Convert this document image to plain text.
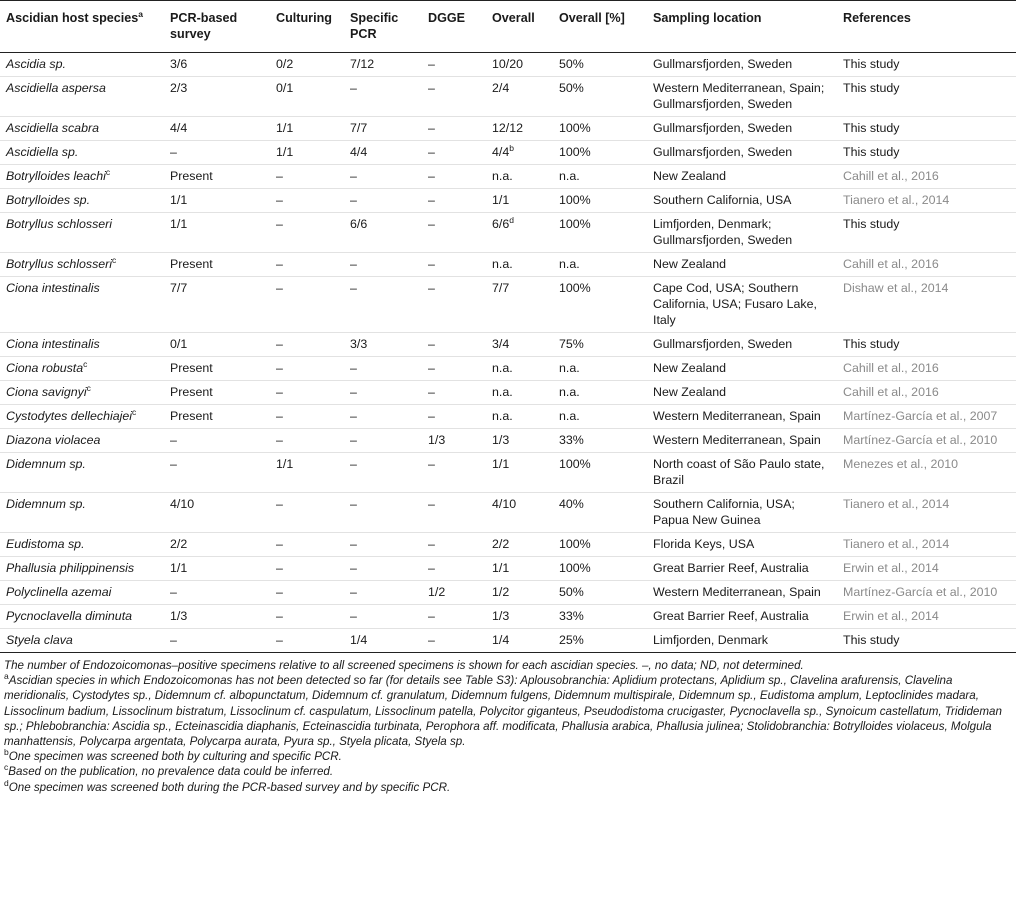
Ascidian host species$^a$	PCR-based survey	Culturing	Specific PCR	DGGE	Overall	Overall [%]	Sampling location	References
Ascidia sp.	3/6	0/2	7/12	–	10/20	50%	Gullmarsfjorden, Sweden	This study
Ascidiella aspersa	2/3	0/1	–	–	2/4	50%	Western Mediterranean, Spain; Gullmarsfjorden, Sweden	This study
Ascidiella scabra	4/4	1/1	7/7	–	12/12	100%	Gullmarsfjorden, Sweden	This study
Ascidiella sp.	–	1/1	4/4	–	4/4$^b$	100%	Gullmarsfjorden, Sweden	This study
Botrylloides leachi$^c$	Present	–	–	–	n.a.	n.a.	New Zealand	Cahill et al., 2016
Botrylloides sp.	1/1	–	–	–	1/1	100%	Southern California, USA	Tianero et al., 2014
Botryllus schlosseri	1/1	–	6/6	–	6/6$^d$	100%	Limfjorden, Denmark; Gullmarsfjorden, Sweden	This study
Botryllus schlosseri$^c$	Present	–	–	–	n.a.	n.a.	New Zealand	Cahill et al., 2016
Ciona intestinalis	7/7	–	–	–	7/7	100%	Cape Cod, USA; Southern California, USA; Fusaro Lake, Italy	Dishaw et al., 2014
Ciona intestinalis	0/1	–	3/3	–	3/4	75%	Gullmarsfjorden, Sweden	This study
Ciona robusta$^c$	Present	–	–	–	n.a.	n.a.	New Zealand	Cahill et al., 2016
Ciona savignyi$^c$	Present	–	–	–	n.a.	n.a.	New Zealand	Cahill et al., 2016
Cystodytes dellechiajei$^c$	Present	–	–	–	n.a.	n.a.	Western Mediterranean, Spain	Martínez-García et al., 2007
Diazona violacea	–	–	–	1/3	1/3	33%	Western Mediterranean, Spain	Martínez-García et al., 2010
Didemnum sp.	–	1/1	–	–	1/1	100%	North coast of São Paulo state, Brazil	Menezes et al., 2010
Didemnum sp.	4/10	–	–	–	4/10	40%	Southern California, USA; Papua New Guinea	Tianero et al., 2014
Eudistoma sp.	2/2	–	–	–	2/2	100%	Florida Keys, USA	Tianero et al., 2014
Phallusia philippinensis	1/1	–	–	–	1/1	100%	Great Barrier Reef, Australia	Erwin et al., 2014
Polyclinella azemai	–	–	–	1/2	1/2	50%	Western Mediterranean, Spain	Martínez-García et al., 2010
Pycnoclavella diminuta	1/3	–	–	–	1/3	33%	Great Barrier Reef, Australia	Erwin et al., 2014
Styela clava	–	–	1/4	–	1/4	25%	Limfjorden, Denmark	This study

The number of Endozoicomonas–positive specimens relative to all screened specimens is shown for each ascidian species. –, no data; ND, not determined.

$^a$Ascidian species in which Endozoicomonas has not been detected so far (for details see Table S3): Aplousobranchia: Aplidium protectans, Aplidium sp., Clavelina arafurensis, Clavelina meridionalis, Cystodytes sp., Didemnum cf. albopunctatum, Didemnum cf. granulatum, Didemnum fulgens, Didemnum multispirale, Didemnum sp., Eudistoma amplum, Leptoclinides madara, Lissoclinum badium, Lissoclinum bistratum, Lissoclinum cf. caspulatum, Lissoclinum patella, Polycitor giganteus, Pseudodistoma crucigaster, Pycnoclavella sp., Synoicum castellatum, Tridideman sp.; Phlebobranchia: Ascidia sp., Ecteinascidia diaphanis, Ecteinascidia turbinata, Perophora aff. modificata, Phallusia arabica, Phallusia julinea; Stolidobranchia: Botrylloides violaceus, Molgula manhattensis, Polycarpa argentata, Polycarpa aurata, Pyura sp., Styela plicata, Styela sp.

$^b$One specimen was screened both by culturing and specific PCR.

$^c$Based on the publication, no prevalence data could be inferred.

$^d$One specimen was screened both during the PCR-based survey and by specific PCR.
